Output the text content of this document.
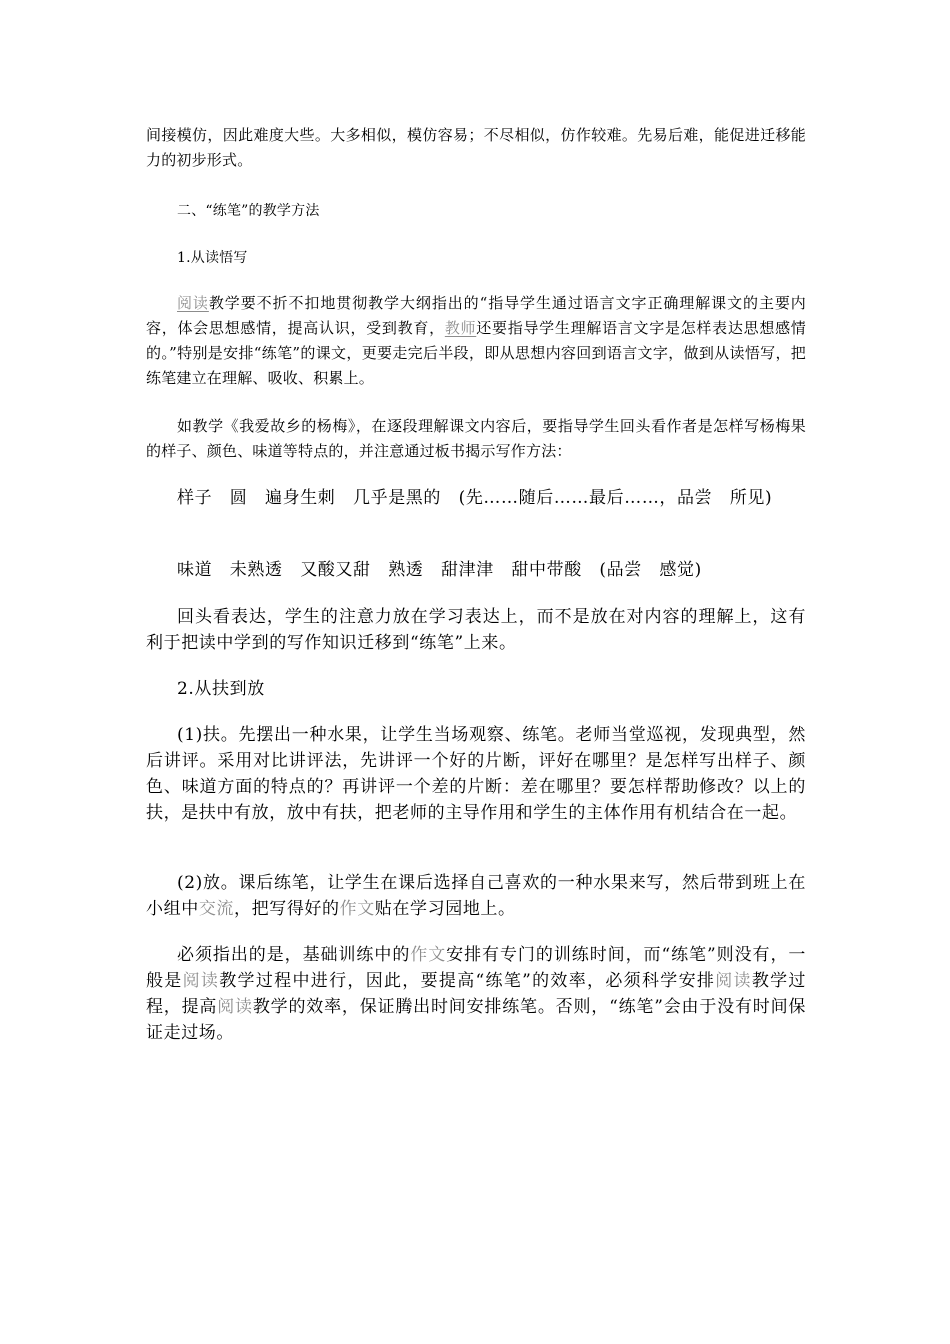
间接模仿，因此难度大些。大多相似，模仿容易；不尽相似，仿作较难。先易后难，能促进迁移能力的初步形式。

二、“练笔”的教学方法

1.从读悟写

阅读教学要不折不扣地贯彻教学大纲指出的“指导学生通过语言文字正确理解课文的主要内容，体会思想感情，提高认识，受到教育，教师还要指导学生理解语言文字是怎样表达思想感情的。”特别是安排“练笔”的课文，更要走完后半段，即从思想内容回到语言文字，做到从读悟写，把练笔建立在理解、吸收、积累上。

如教学《我爱故乡的杨梅》，在逐段理解课文内容后，要指导学生回头看作者是怎样写杨梅果的样子、颜色、味道等特点的，并注意通过板书揭示写作方法：

样子　圆　遍身生刺　几乎是黑的　(先……随后……最后……，品尝　所见)

味道　未熟透　又酸又甜　熟透　甜津津　甜中带酸　(品尝　感觉)

回头看表达，学生的注意力放在学习表达上，而不是放在对内容的理解上，这有利于把读中学到的写作知识迁移到“练笔”上来。

2.从扶到放

(1)扶。先摆出一种水果，让学生当场观察、练笔。老师当堂巡视，发现典型，然后讲评。采用对比讲评法，先讲评一个好的片断，评好在哪里？是怎样写出样子、颜色、味道方面的特点的？再讲评一个差的片断：差在哪里？要怎样帮助修改？以上的扶，是扶中有放，放中有扶，把老师的主导作用和学生的主体作用有机结合在一起。

(2)放。课后练笔，让学生在课后选择自己喜欢的一种水果来写，然后带到班上在小组中交流，把写得好的作文贴在学习园地上。

必须指出的是，基础训练中的作文安排有专门的训练时间，而“练笔”则没有，一般是阅读教学过程中进行，因此，要提高“练笔”的效率，必须科学安排阅读教学过程，提高阅读教学的效率，保证腾出时间安排练笔。否则，“练笔”会由于没有时间保证走过场。
